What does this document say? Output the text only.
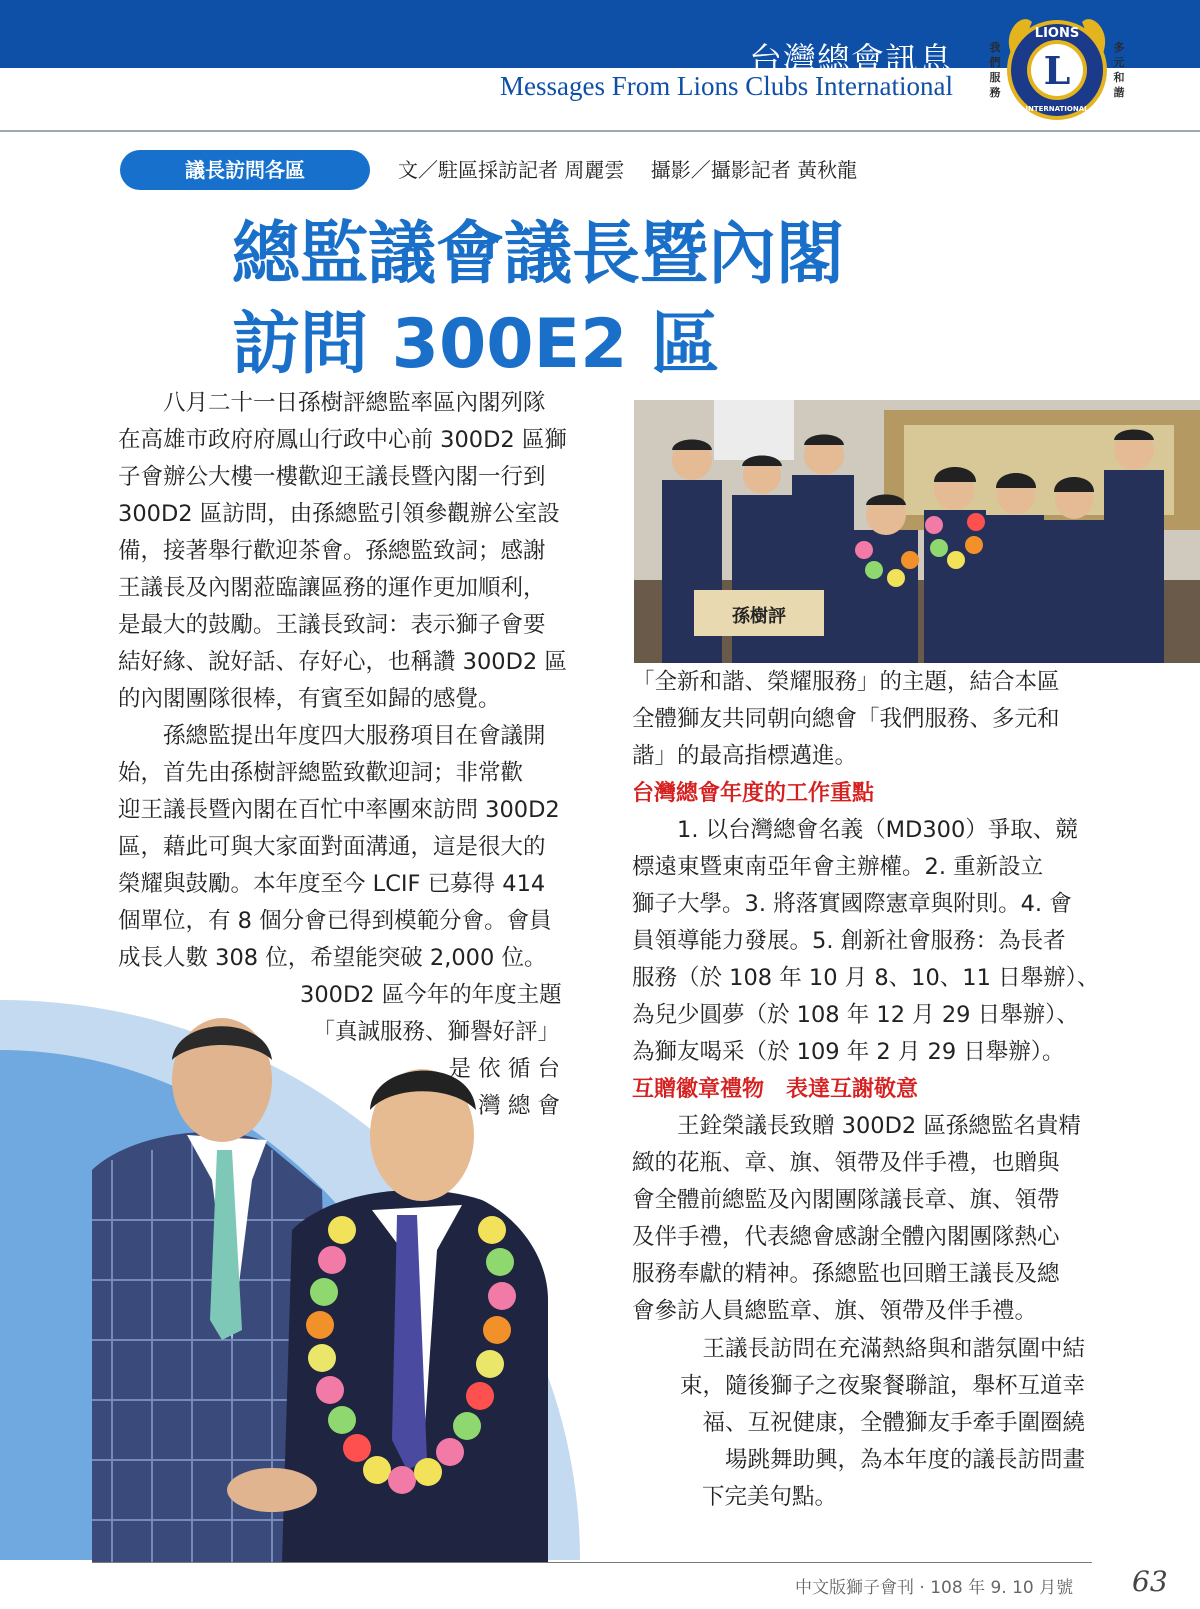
台灣總會訊息
Messages From Lions Clubs International
我
們
服
務
多
元
和
諧
L
LIONS
INTERNATIONAL
議長訪問各區	文／駐區採訪記者 周麗雲　 攝影／攝影記者 黃秋龍
總監議會議長暨內閣
訪問 300E2 區
孫樹評

　　八月二十一日孫樹評總監率區內閣列隊

在高雄市政府府鳳山行政中心前 300D2 區獅

子會辦公大樓一樓歡迎王議長暨內閣一行到

300D2 區訪問，由孫總監引領參觀辦公室設

備，接著舉行歡迎茶會。孫總監致詞；感謝

王議長及內閣蒞臨讓區務的運作更加順利，

是最大的鼓勵。王議長致詞：表示獅子會要

結好緣、說好話、存好心，也稱讚 300D2 區

的內閣團隊很棒，有賓至如歸的感覺。

　　孫總監提出年度四大服務項目在會議開

始，首先由孫樹評總監致歡迎詞；非常歡

迎王議長暨內閣在百忙中率團來訪問 300D2

區，藉此可與大家面對面溝通，這是很大的

榮耀與鼓勵。本年度至今 LCIF 已募得 414

個單位，有 8 個分會已得到模範分會。會員

成長人數 308 位，希望能突破 2,000 位。

300D2 區今年的年度主題

「真誠服務、獅譽好評」

是 依 循 台

灣 總 會

「全新和諧、榮耀服務」的主題，結合本區

全體獅友共同朝向總會「我們服務、多元和

諧」的最高指標邁進。

台灣總會年度的工作重點

　　1. 以台灣總會名義（MD300）爭取、競

標遠東暨東南亞年會主辦權。2. 重新設立

獅子大學。3. 將落實國際憲章與附則。4. 會

員領導能力發展。5. 創新社會服務：為長者

服務（於 108 年 10 月 8、10、11 日舉辦）、

為兒少圓夢（於 108 年 12 月 29 日舉辦）、

為獅友喝采（於 109 年 2 月 29 日舉辦）。

互贈徽章禮物　表達互謝敬意

　　王銓榮議長致贈 300D2 區孫總監名貴精

緻的花瓶、章、旗、領帶及伴手禮，也贈與

會全體前總監及內閣團隊議長章、旗、領帶

及伴手禮，代表總會感謝全體內閣團隊熱心

服務奉獻的精神。孫總監也回贈王議長及總

會參訪人員總監章、旗、領帶及伴手禮。

王議長訪問在充滿熱絡與和諧氛圍中結

束，隨後獅子之夜聚餐聯誼，舉杯互道幸

福、互祝健康，全體獅友手牽手圍圈繞

場跳舞助興，為本年度的議長訪問畫

下完美句點。

中文版獅子會刊 ‧ 108 年 9. 10 月號 63
